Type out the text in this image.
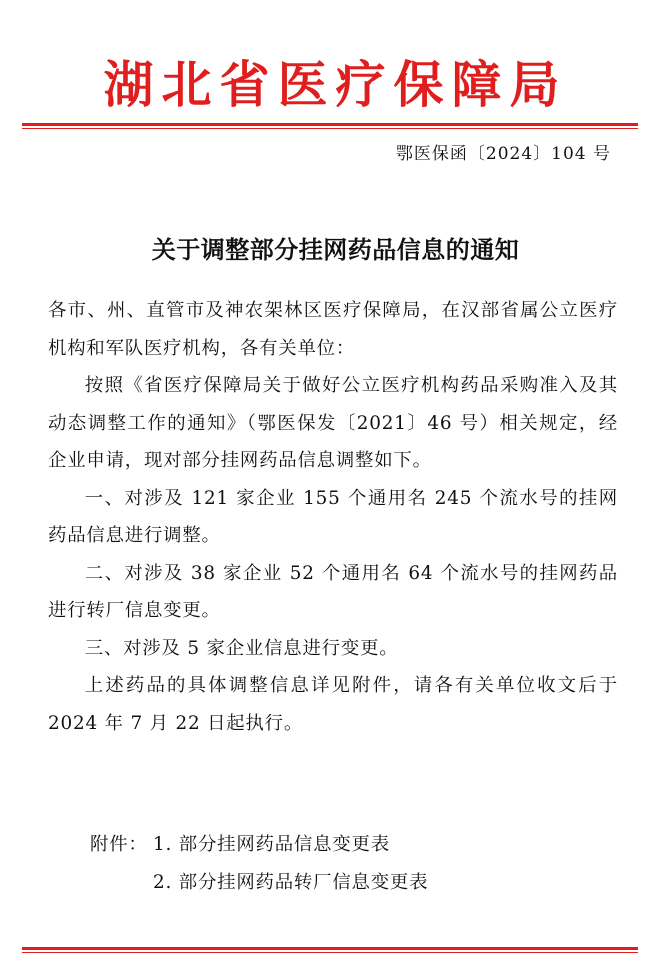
湖北省医疗保障局
鄂医保函〔2024〕104 号
关于调整部分挂网药品信息的通知

各市、州、直管市及神农架林区医疗保障局，在汉部省属公立医疗机构和军队医疗机构，各有关单位：

按照《省医疗保障局关于做好公立医疗机构药品采购准入及其动态调整工作的通知》（鄂医保发〔2021〕46 号）相关规定，经企业申请，现对部分挂网药品信息调整如下。

一、对涉及 121 家企业 155 个通用名 245 个流水号的挂网药品信息进行调整。

二、对涉及 38 家企业 52 个通用名 64 个流水号的挂网药品进行转厂信息变更。

三、对涉及 5 家企业信息进行变更。

上述药品的具体调整信息详见附件，请各有关单位收文后于 2024 年 7 月 22 日起执行。

附件： 1. 部分挂网药品信息变更表
2. 部分挂网药品转厂信息变更表
